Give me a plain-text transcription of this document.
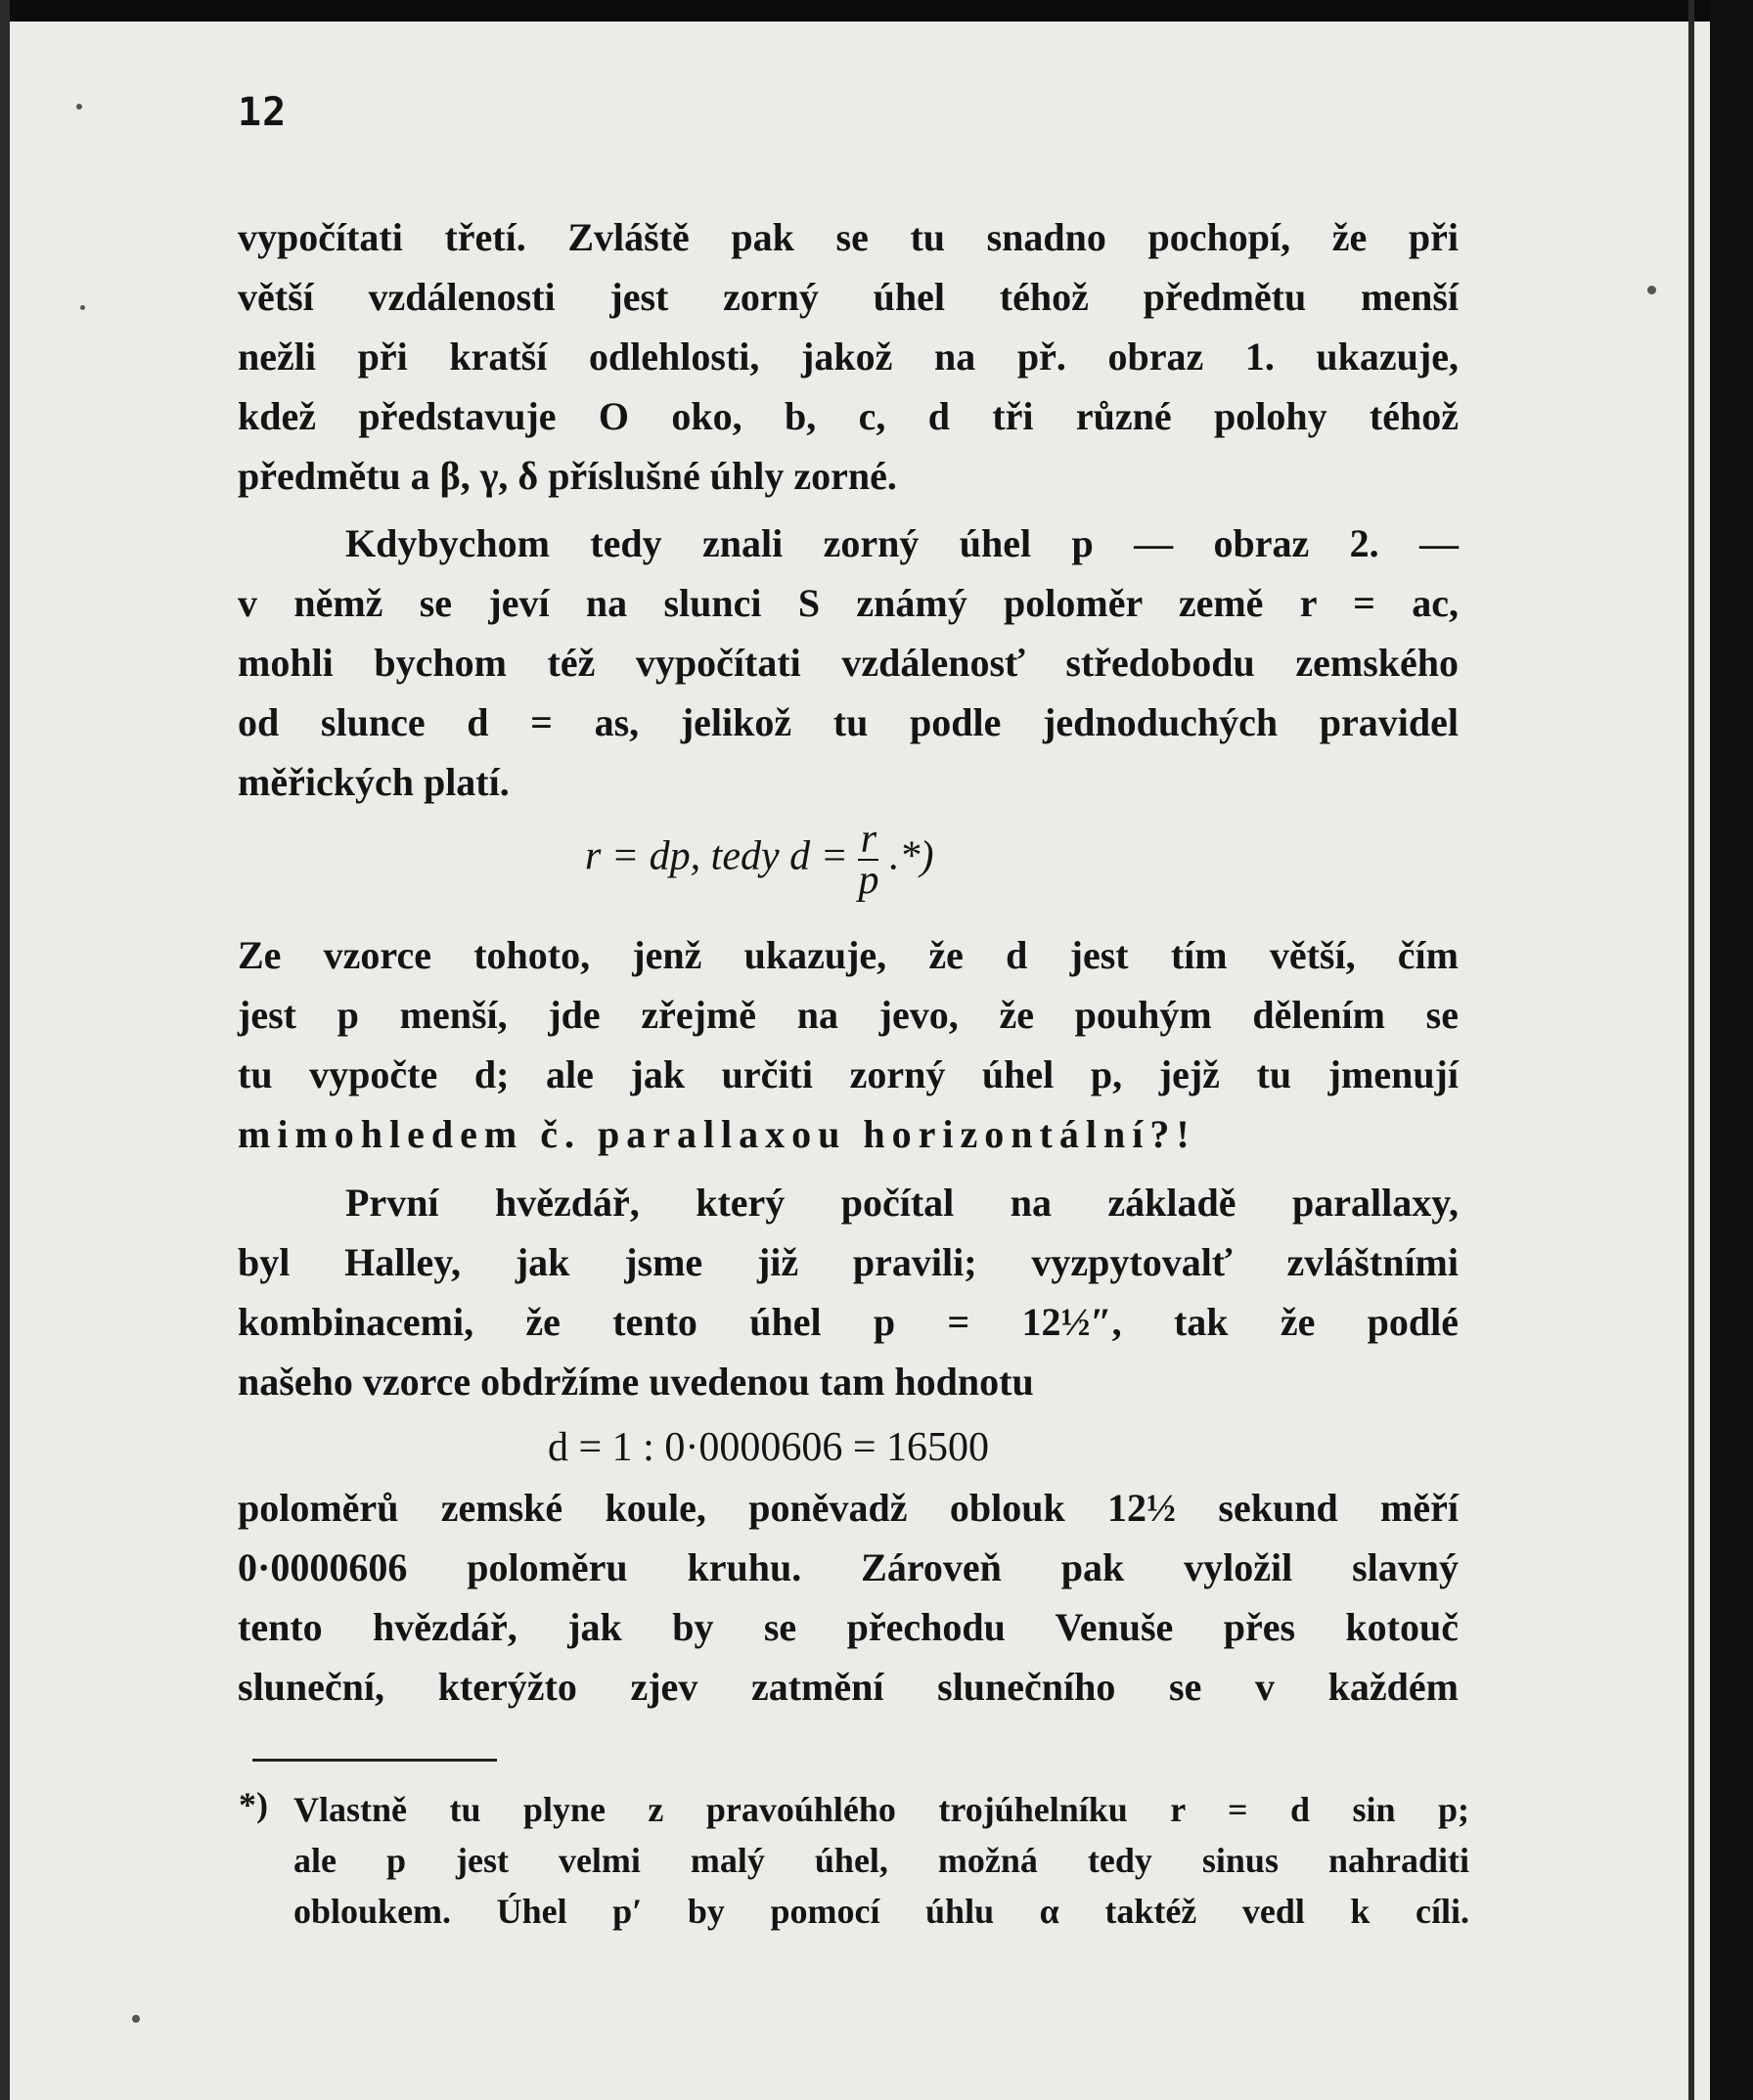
12
vypočítati třetí. Zvláště pak se tu snadno pochopí, že při
větší vzdálenosti jest zorný úhel téhož předmětu menší
nežli při kratší odlehlosti, jakož na př. obraz 1. ukazuje,
kdež představuje O oko, b, c, d tři různé polohy téhož
předmětu a β, γ, δ příslušné úhly zorné.
Kdybychom tedy znali zorný úhel p — obraz 2. —
v němž se jeví na slunci S známý poloměr země r = ac,
mohli bychom též vypočítati vzdálenosť středobodu zemského
od slunce d = as, jelikož tu podle jednoduchých pravidel
měřických platí.
r = dp, tedy $d = \frac{r}{p}$ .*)
Ze vzorce tohoto, jenž ukazuje, že d jest tím větší, čím
jest p menší, jde zřejmě na jevo, že pouhým dělením se
tu vypočte d; ale jak určiti zorný úhel p, jejž tu jmenují
mimohledem č. parallaxou horizontální?!
První hvězdář, který počítal na základě parallaxy,
byl Halley, jak jsme již pravili; vyzpytovalť zvláštními
kombinacemi, že tento úhel p = 12½″, tak že podlé
našeho vzorce obdržíme uvedenou tam hodnotu
d = 1 : 0·0000606 = 16500
poloměrů zemské koule, poněvadž oblouk 12½ sekund měří
0·0000606 poloměru kruhu. Zároveň pak vyložil slavný
tento hvězdář, jak by se přechodu Venuše přes kotouč
sluneční, kterýžto zjev zatmění slunečního se v každém
*) Vlastně tu plyne z pravoúhlého trojúhelníku r = d sin p;
ale p jest velmi malý úhel, možná tedy sinus nahraditi
obloukem. Úhel p′ by pomocí úhlu α taktéž vedl k cíli.
